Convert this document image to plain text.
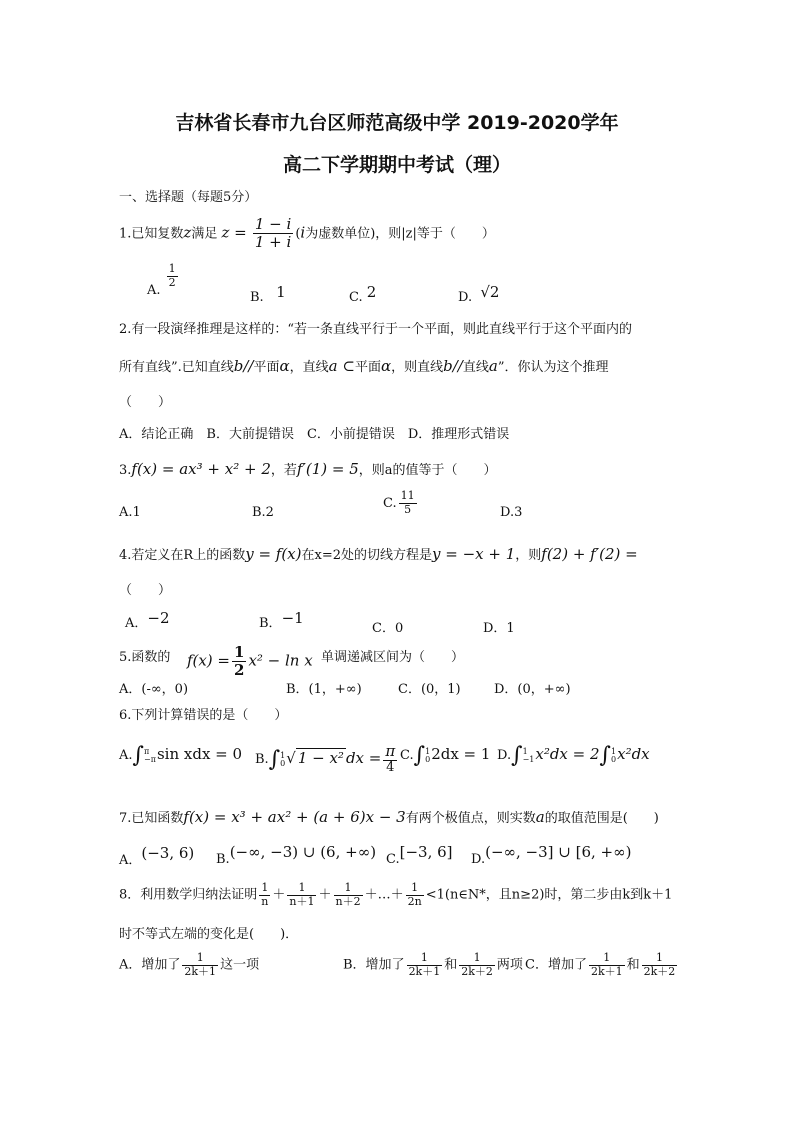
吉林省长春市九台区师范高级中学 2019-2020学年
高二下学期期中考试（理）
一、选择题（每题5分）
1.已知复数z满足 $z = \frac{1 - i}{1 + i} (i$为虚数单位)，则|z|等于（　　）
A.
$\frac{1}{2}$
B. 1	C. 2	D. √2
2.有一段演绎推理是这样的：“若一条直线平行于一个平面，则此直线平行于这个平面内的
所有直线”.已知直线b//平面α，直线a ⊂平面α，则直线b//直线a”．你认为这个推理
（　　）
A．结论正确　B．大前提错误　C．小前提错误　D．推理形式错误
3.f(x) = ax³ + x² + 2，若f′(1) = 5，则a的值等于（　　）
A.1	B.2
C. $\frac{11}{5}$	D.3
4.若定义在R上的函数y = f(x)在x=2处的切线方程是y = −x + 1，则f(2) + f′(2) =
（　　）
A．−2	B．−1
C．0	D．1
5.函数的 $f(x) = \frac{1}{2} x^2 - \ln x$ 单调递减区间为（　　）
A．(-∞，0)	B．(1，+∞)	C．(0，1)	D．(0，+∞)
6.下列计算错误的是（　　）
A.∫ π
−π sin xdx = 0 B.∫ 1
0 √ 1 − x² dx = $\frac{\pi}{4} C.\int$ 1
0 2dx = 1 D.∫ 1
−1 x²dx = 2∫ 1
0 x²dx
7.已知函数f(x) = x³ + ax² + (a + 6)x − 3有两个极值点，则实数a的取值范围是(　　)
A．(−3, 6) B.(−∞, −3) ∪ (6, +∞) C.[−3, 6] D.(−∞, −3] ∪ [6, +∞)
8．利用数学归纳法证明 $\frac{1}{n} + \frac{1}{n+1} + \frac{1}{n+2}$ ＋…＋ $\frac{1}{2n}$ <1(n∈N*，且n≥2)时，第二步由k到k＋1
时不等式左端的变化是(　　)．
A．增加了 $\frac{1}{2k+1}$ 这一项	B．增加了 $\frac{1}{2k+1}$ 和 $\frac{1}{2k+2}$ 两项 C．增加了 $\frac{1}{2k+1}$ 和 $\frac{1}{2k+2}$
